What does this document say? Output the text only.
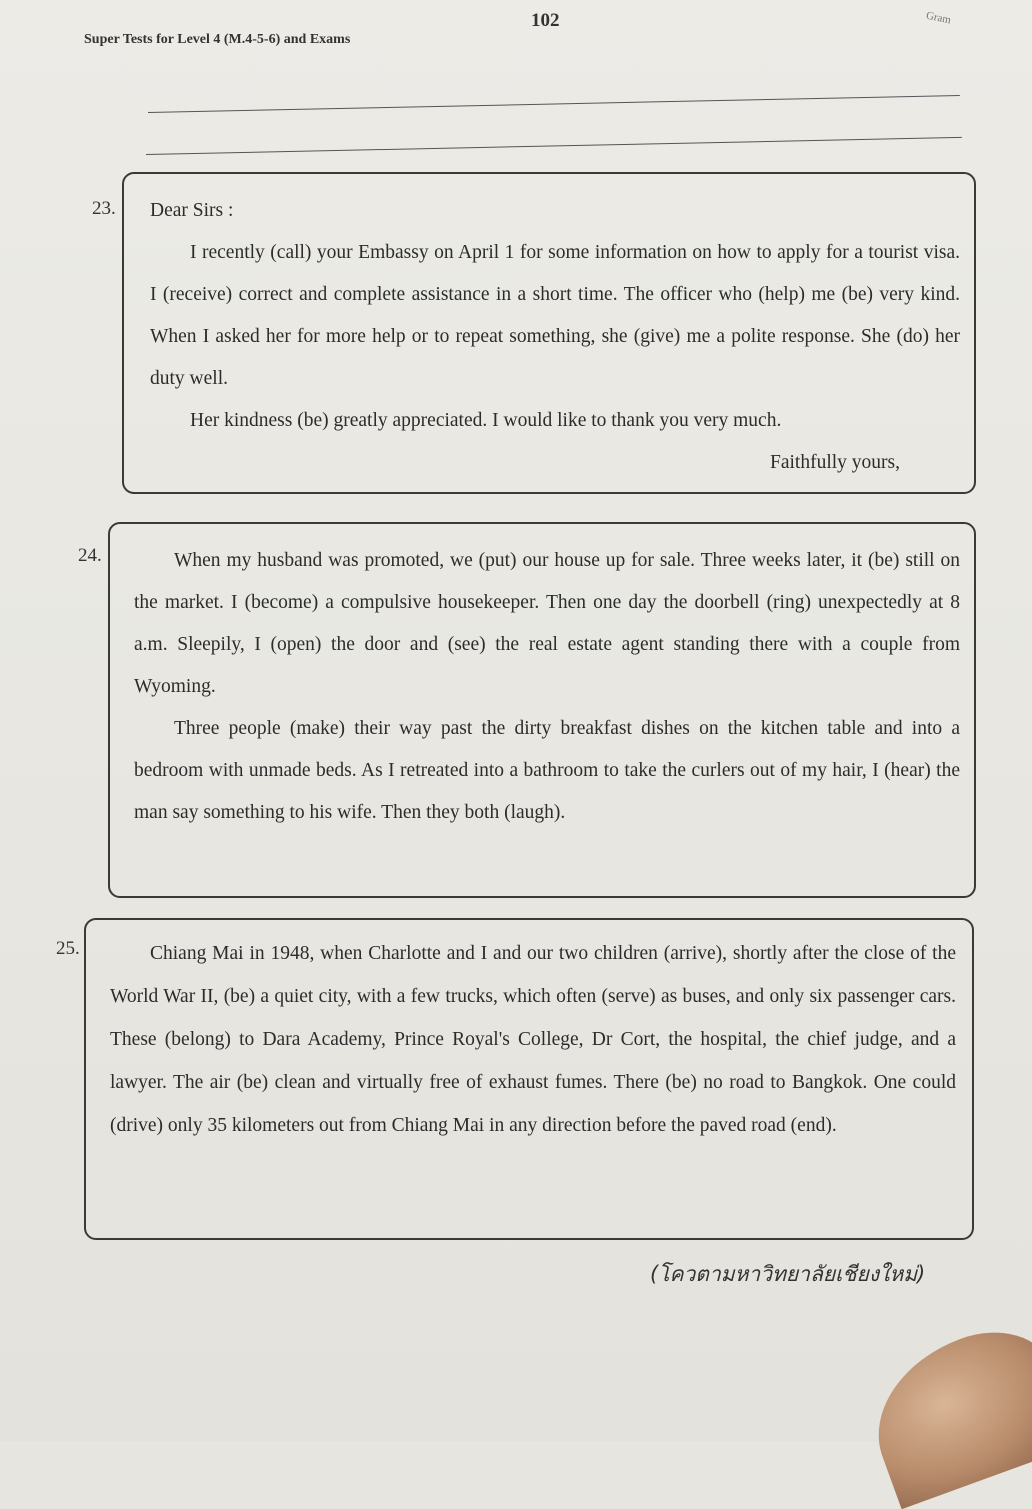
Super Tests for Level 4 (M.4-5-6) and Exams
102	Gram
23. Dear Sirs :

I recently (call) your Embassy on April 1 for some information on how to apply for a tourist visa. I (receive) correct and complete assistance in a short time. The officer who (help) me (be) very kind. When I asked her for more help or to repeat something, she (give) me a polite response. She (do) her duty well.

Her kindness (be) greatly appreciated. I would like to thank you very much.

Faithfully yours,

24.	When my husband was promoted, we (put) our house up for sale. Three weeks later, it (be) still on the market. I (become) a compulsive housekeeper. Then one day the doorbell (ring) unexpectedly at 8 a.m. Sleepily, I (open) the door and (see) the real estate agent standing there with a couple from Wyoming.

Three people (make) their way past the dirty breakfast dishes on the kitchen table and into a bedroom with unmade beds. As I retreated into a bathroom to take the curlers out of my hair, I (hear) the man say something to his wife. Then they both (laugh).

25.	Chiang Mai in 1948, when Charlotte and I and our two children (arrive), shortly after the close of the World War II, (be) a quiet city, with a few trucks, which often (serve) as buses, and only six passenger cars. These (belong) to Dara Academy, Prince Royal's College, Dr Cort, the hospital, the chief judge, and a lawyer. The air (be) clean and virtually free of exhaust fumes. There (be) no road to Bangkok. One could (drive) only 35 kilometers out from Chiang Mai in any direction before the paved road (end).

(โควตามหาวิทยาลัยเชียงใหม่)
